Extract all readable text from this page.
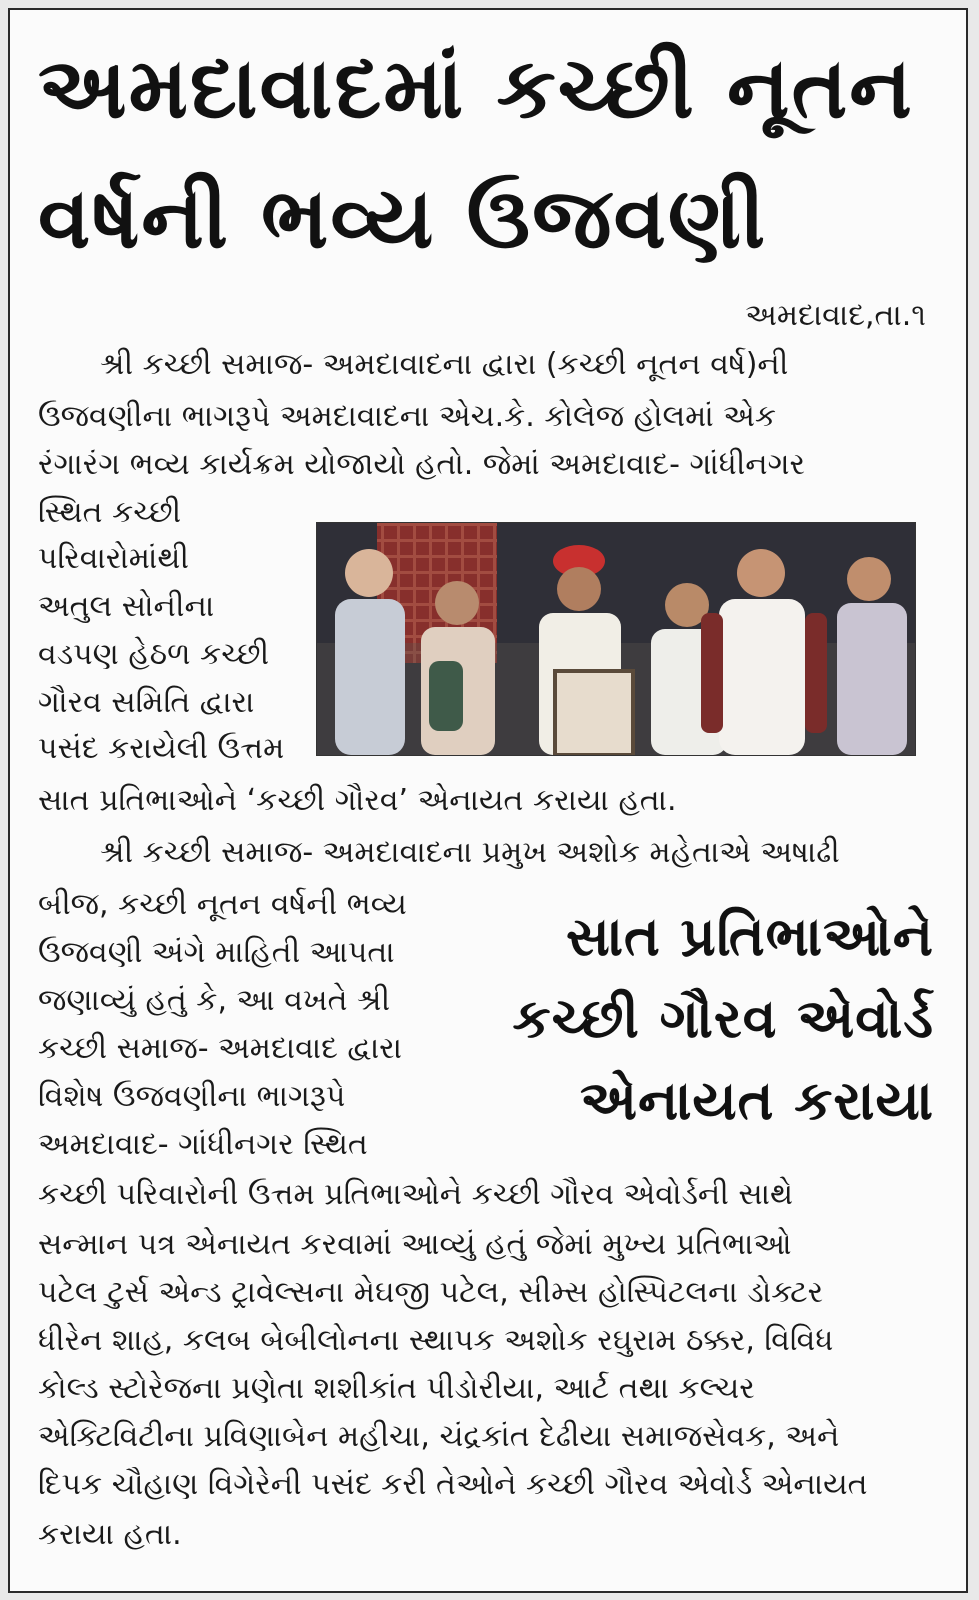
અમદાવાદમાં કચ્છી નૂતન
વર્ષની ભવ્ય ઉજવણી
અમદાવાદ,તા.૧
શ્રી કચ્છી સમાજ- અમદાવાદના દ્વારા (કચ્છી નૂતન વર્ષ)ની
ઉજવણીના ભાગરૂપે અમદાવાદના એચ.કે. કોલેજ હોલમાં એક
રંગારંગ ભવ્ય કાર્યક્રમ યોજાયો હતો. જેમાં અમદાવાદ- ગાંધીનગર
સ્થિત કચ્છી
પરિવારોમાંથી
અતુલ સોનીના
વડપણ હેઠળ કચ્છી
ગૌરવ સમિતિ દ્વારા
પસંદ કરાયેલી ઉત્તમ
સાત પ્રતિભાઓને ‘કચ્છી ગૌરવ’ એનાયત કરાયા હતા.
શ્રી કચ્છી સમાજ- અમદાવાદના પ્રમુખ અશોક મહેતાએ અષાઢી
બીજ, કચ્છી નૂતન વર્ષની ભવ્ય
ઉજવણી અંગે માહિતી આપતા
જણાવ્યું હતું કે, આ વખતે શ્રી
કચ્છી સમાજ- અમદાવાદ દ્વારા
વિશેષ ઉજવણીના ભાગરૂપે
અમદાવાદ- ગાંધીનગર સ્થિત
સાત પ્રતિભાઓને
કચ્છી ગૌરવ એવોર્ડ
એનાયત કરાયા
કચ્છી પરિવારોની ઉત્તમ પ્રતિભાઓને કચ્છી ગૌરવ એવોર્ડની સાથે
સન્માન પત્ર એનાયત કરવામાં આવ્યું હતું જેમાં મુખ્ય પ્રતિભાઓ
પટેલ ટુર્સ એન્ડ ટ્રાવેલ્સના મેઘજી પટેલ, સીમ્સ હોસ્પિટલના ડોક્ટર
ધીરેન શાહ, કલબ બેબીલોનના સ્થાપક અશોક રઘુરામ ઠક્કર, વિવિધ
કોલ્ડ સ્ટોરેજના પ્રણેતા શશીકાંત પીડોરીયા, આર્ટ તથા કલ્ચર
એક્ટિવિટીના પ્રવિણાબેન મહીચા, ચંદ્રકાંત દેઢીયા સમાજસેવક, અને
દિપક ચૌહાણ વિગેરેની પસંદ કરી તેઓને કચ્છી ગૌરવ એવોર્ડ એનાયત
કરાયા હતા.
